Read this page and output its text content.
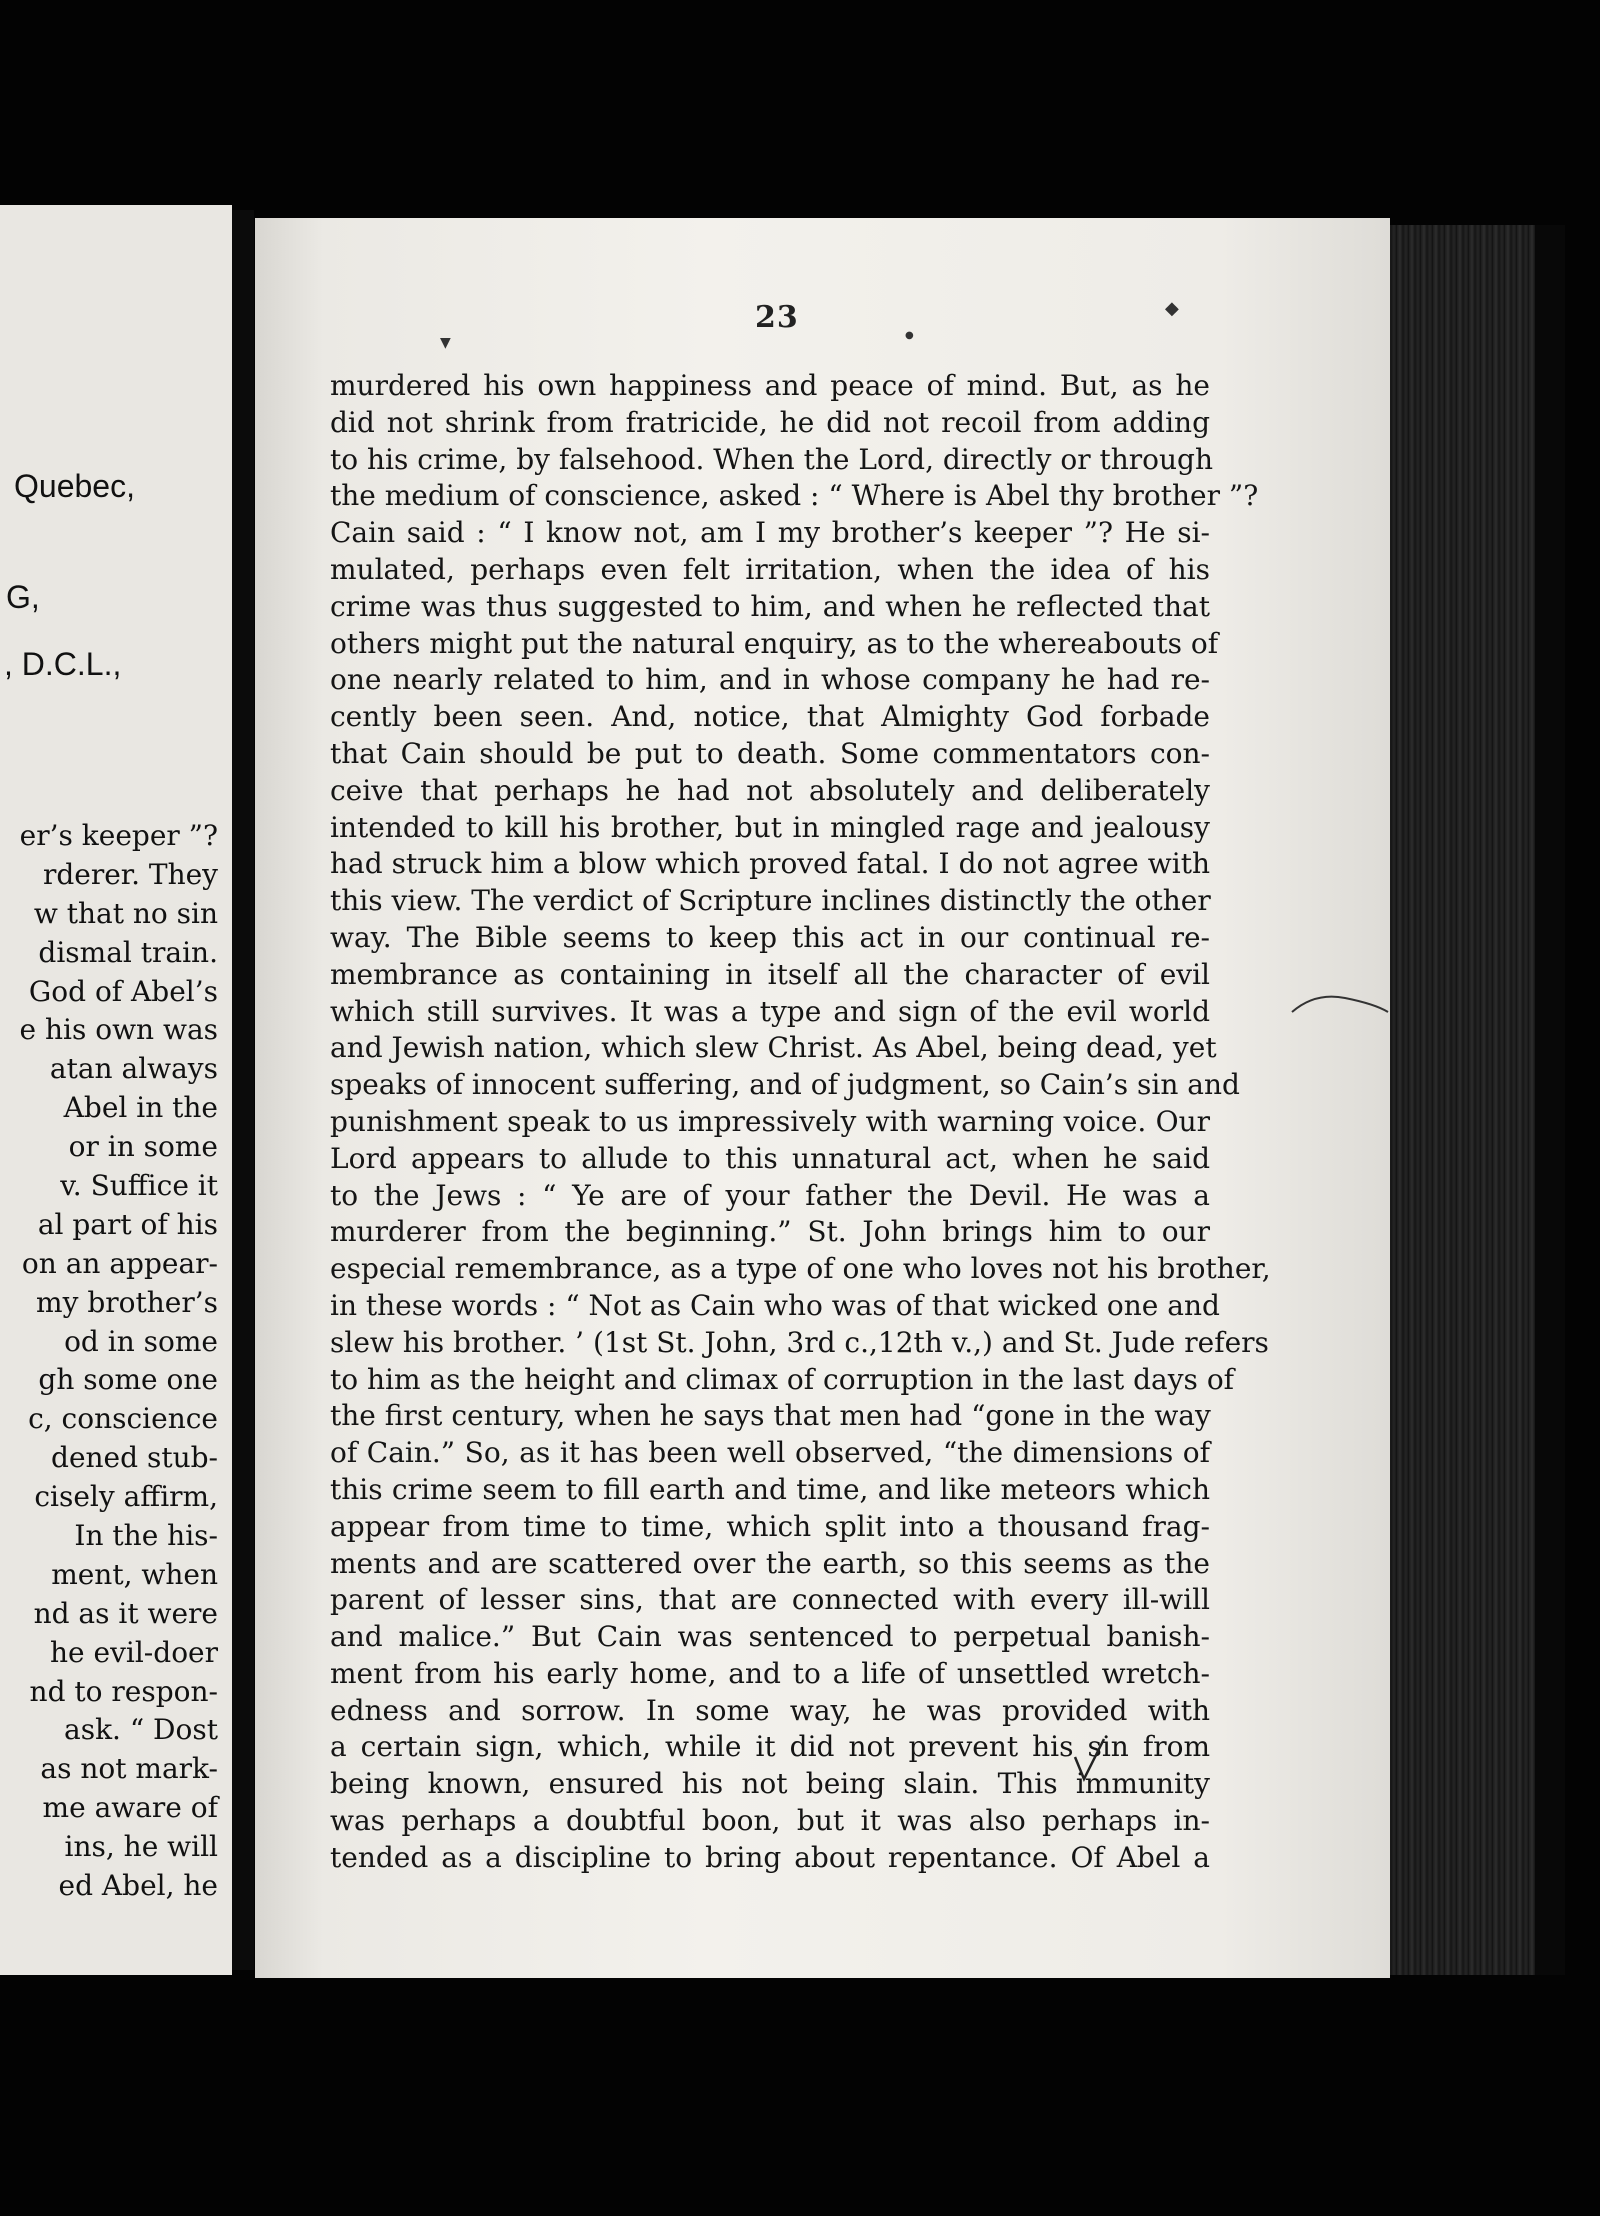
Quebec,
G,
, D.C.L.,
er’s keeper ”?
rderer. They
w that no sin
dismal train.
God of Abel’s
e his own was
atan always
Abel in the
or in some
v. Suffice it
al part of his
on an appear-
my brother’s
od in some
gh some one
c, conscience
dened stub-
cisely affirm,
In the his-
ment, when
nd as it were
he evil-doer
nd to respon-
ask. “ Dost
as not mark-
me aware of
ins, he will
ed Abel, he
23
murdered his own happiness and peace of mind. But, as he
did not shrink from fratricide, he did not recoil from adding
to his crime, by falsehood. When the Lord, directly or through
the medium of conscience, asked : “ Where is Abel thy brother ”?
Cain said : “ I know not, am I my brother’s keeper ”? He si-
mulated, perhaps even felt irritation, when the idea of his
crime was thus suggested to him, and when he reflected that
others might put the natural enquiry, as to the whereabouts of
one nearly related to him, and in whose company he had re-
cently been seen. And, notice, that Almighty God forbade
that Cain should be put to death. Some commentators con-
ceive that perhaps he had not absolutely and deliberately
intended to kill his brother, but in mingled rage and jealousy
had struck him a blow which proved fatal. I do not agree with
this view. The verdict of Scripture inclines distinctly the other
way. The Bible seems to keep this act in our continual re-
membrance as containing in itself all the character of evil
which still survives. It was a type and sign of the evil world
and Jewish nation, which slew Christ. As Abel, being dead, yet
speaks of innocent suffering, and of judgment, so Cain’s sin and
punishment speak to us impressively with warning voice. Our
Lord appears to allude to this unnatural act, when he said
to the Jews : “ Ye are of your father the Devil. He was a
murderer from the beginning.” St. John brings him to our
especial remembrance, as a type of one who loves not his brother,
in these words : “ Not as Cain who was of that wicked one and
slew his brother. ’ (1st St. John, 3rd c.,12th v.,) and St. Jude refers
to him as the height and climax of corruption in the last days of
the first century, when he says that men had “gone in the way
of Cain.” So, as it has been well observed, “the dimensions of
this crime seem to fill earth and time, and like meteors which
appear from time to time, which split into a thousand frag-
ments and are scattered over the earth, so this seems as the
parent of lesser sins, that are connected with every ill-will
and malice.” But Cain was sentenced to perpetual banish-
ment from his early home, and to a life of unsettled wretch-
edness and sorrow. In some way, he was provided with
a certain sign, which, while it did not prevent his sin from
being known, ensured his not being slain. This immunity
was perhaps a doubtful boon, but it was also perhaps in-
tended as a discipline to bring about repentance. Of Abel a
◆
▼	●
